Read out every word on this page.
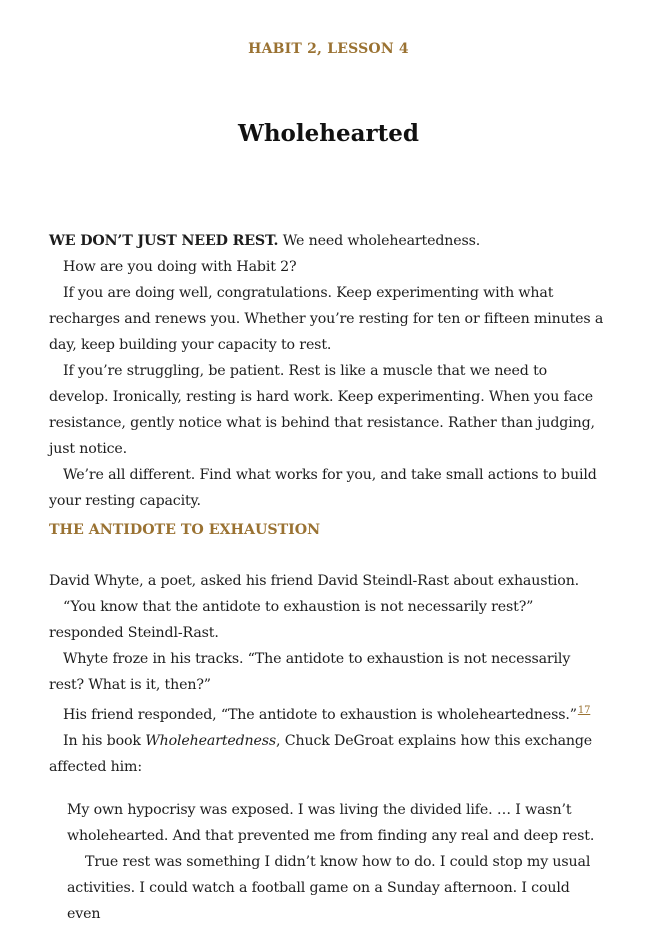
HABIT 2, LESSON 4
Wholehearted

WE DON’T JUST NEED REST. We need wholeheartedness.

How are you doing with Habit 2?

If you are doing well, congratulations. Keep experimenting with what recharges and renews you. Whether you’re resting for ten or fifteen minutes a day, keep building your capacity to rest.

If you’re struggling, be patient. Rest is like a muscle that we need to develop. Ironically, resting is hard work. Keep experimenting. When you face resistance, gently notice what is behind that resistance. Rather than judging, just notice.

We’re all different. Find what works for you, and take small actions to build your resting capacity.

THE ANTIDOTE TO EXHAUSTION

David Whyte, a poet, asked his friend David Steindl-Rast about exhaustion.

“You know that the antidote to exhaustion is not necessarily rest?” responded Steindl-Rast.

Whyte froze in his tracks. “The antidote to exhaustion is not necessarily rest? What is it, then?”

His friend responded, “The antidote to exhaustion is wholeheartedness.”$^{17}$

In his book Wholeheartedness, Chuck DeGroat explains how this exchange affected him:

My own hypocrisy was exposed. I was living the divided life. … I wasn’t wholehearted. And that prevented me from finding any real and deep rest.

True rest was something I didn’t know how to do. I could stop my usual activities. I could watch a football game on a Sunday afternoon. I could even
